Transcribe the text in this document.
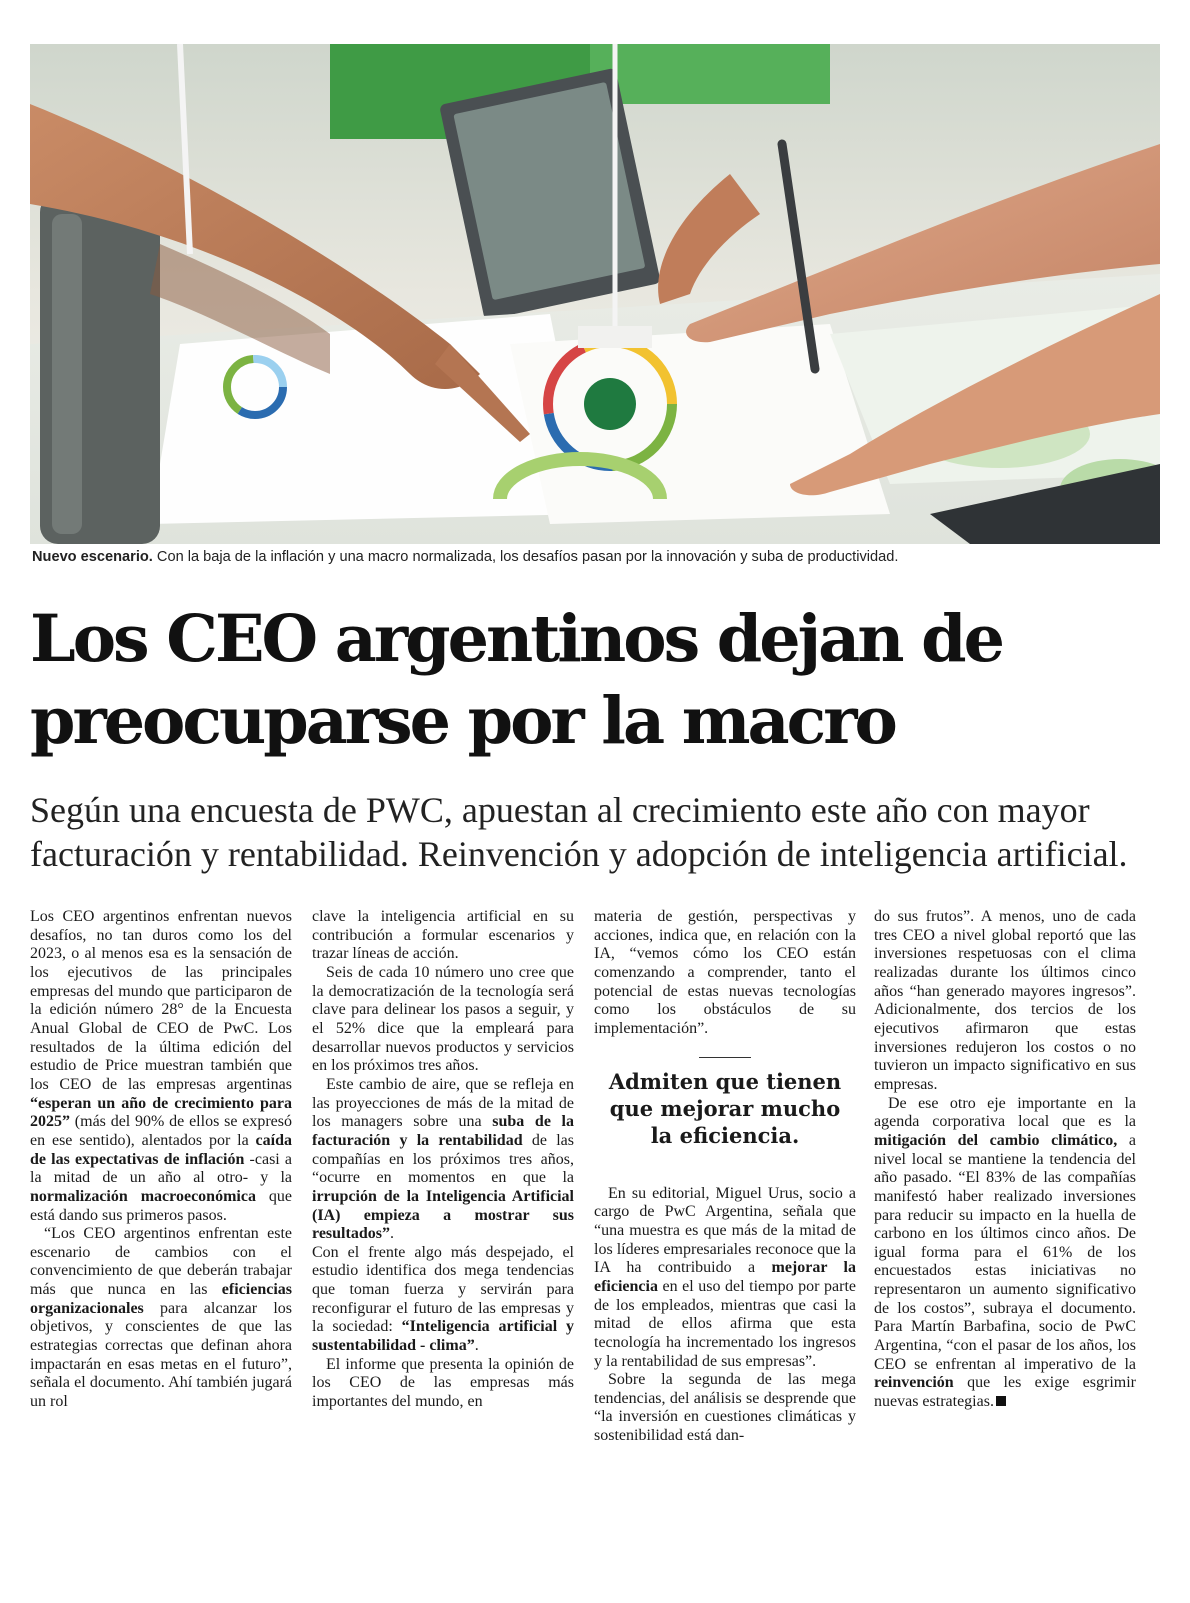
Nuevo escenario. Con la baja de la inflación y una macro normalizada, los desafíos pasan por la innovación y suba de productividad.
Los CEO argentinos dejan de
preocuparse por la macro

Según una encuesta de PWC, apuestan al crecimiento este año con mayor
facturación y rentabilidad. Reinvención y adopción de inteligencia artificial.

Los CEO argentinos enfrentan nuevos desafíos, no tan duros como los del 2023, o al menos esa es la sensación de los ejecutivos de las principales empresas del mundo que participaron de la edición número 28° de la Encuesta Anual Global de CEO de PwC. Los resultados de la última edición del estudio de Price muestran también que los CEO de las empresas argentinas “esperan un año de crecimiento para 2025” (más del 90% de ellos se expresó en ese sentido), alentados por la caída de las expectativas de inflación -casi a la mitad de un año al otro- y la normalización macroeconómica que está dando sus primeros pasos.

“Los CEO argentinos enfrentan este escenario de cambios con el convencimiento de que deberán trabajar más que nunca en las eficiencias organizacionales para alcanzar los objetivos, y conscientes de que las estrategias correctas que definan ahora impactarán en esas metas en el futuro”, señala el documento. Ahí también jugará un rol

clave la inteligencia artificial en su contribución a formular escenarios y trazar líneas de acción.

Seis de cada 10 número uno cree que la democratización de la tecnología será clave para delinear los pasos a seguir, y el 52% dice que la empleará para desarrollar nuevos productos y servicios en los próximos tres años.

Este cambio de aire, que se refleja en las proyecciones de más de la mitad de los managers sobre una suba de la facturación y la rentabilidad de las compañías en los próximos tres años, “ocurre en momentos en que la irrupción de la Inteligencia Artificial (IA) empieza a mostrar sus resultados”.

Con el frente algo más despejado, el estudio identifica dos mega tendencias que toman fuerza y servirán para reconfigurar el futuro de las empresas y la sociedad: “Inteligencia artificial y sustentabilidad - clima”.

El informe que presenta la opinión de los CEO de las empresas más importantes del mundo, en

materia de gestión, perspectivas y acciones, indica que, en relación con la IA, “vemos cómo los CEO están comenzando a comprender, tanto el potencial de estas nuevas tecnologías como los obstáculos de su implementación”.

Admiten que tienen que mejorar mucho la eficiencia.

En su editorial, Miguel Urus, socio a cargo de PwC Argentina, señala que “una muestra es que más de la mitad de los líderes empresariales reconoce que la IA ha contribuido a mejorar la eficiencia en el uso del tiempo por parte de los empleados, mientras que casi la mitad de ellos afirma que esta tecnología ha incrementado los ingresos y la rentabilidad de sus empresas”.

Sobre la segunda de las mega tendencias, del análisis se desprende que “la inversión en cuestiones climáticas y sostenibilidad está dan-

do sus frutos”. A menos, uno de cada tres CEO a nivel global reportó que las inversiones respetuosas con el clima realizadas durante los últimos cinco años “han generado mayores ingresos”. Adicionalmente, dos tercios de los ejecutivos afirmaron que estas inversiones redujeron los costos o no tuvieron un impacto significativo en sus empresas.

De ese otro eje importante en la agenda corporativa local que es la mitigación del cambio climático, a nivel local se mantiene la tendencia del año pasado. “El 83% de las compañías manifestó haber realizado inversiones para reducir su impacto en la huella de carbono en los últimos cinco años. De igual forma para el 61% de los encuestados estas iniciativas no representaron un aumento significativo de los costos”, subraya el documento. Para Martín Barbafina, socio de PwC Argentina, “con el pasar de los años, los CEO se enfrentan al imperativo de la reinvención que les exige esgrimir nuevas estrategias.
